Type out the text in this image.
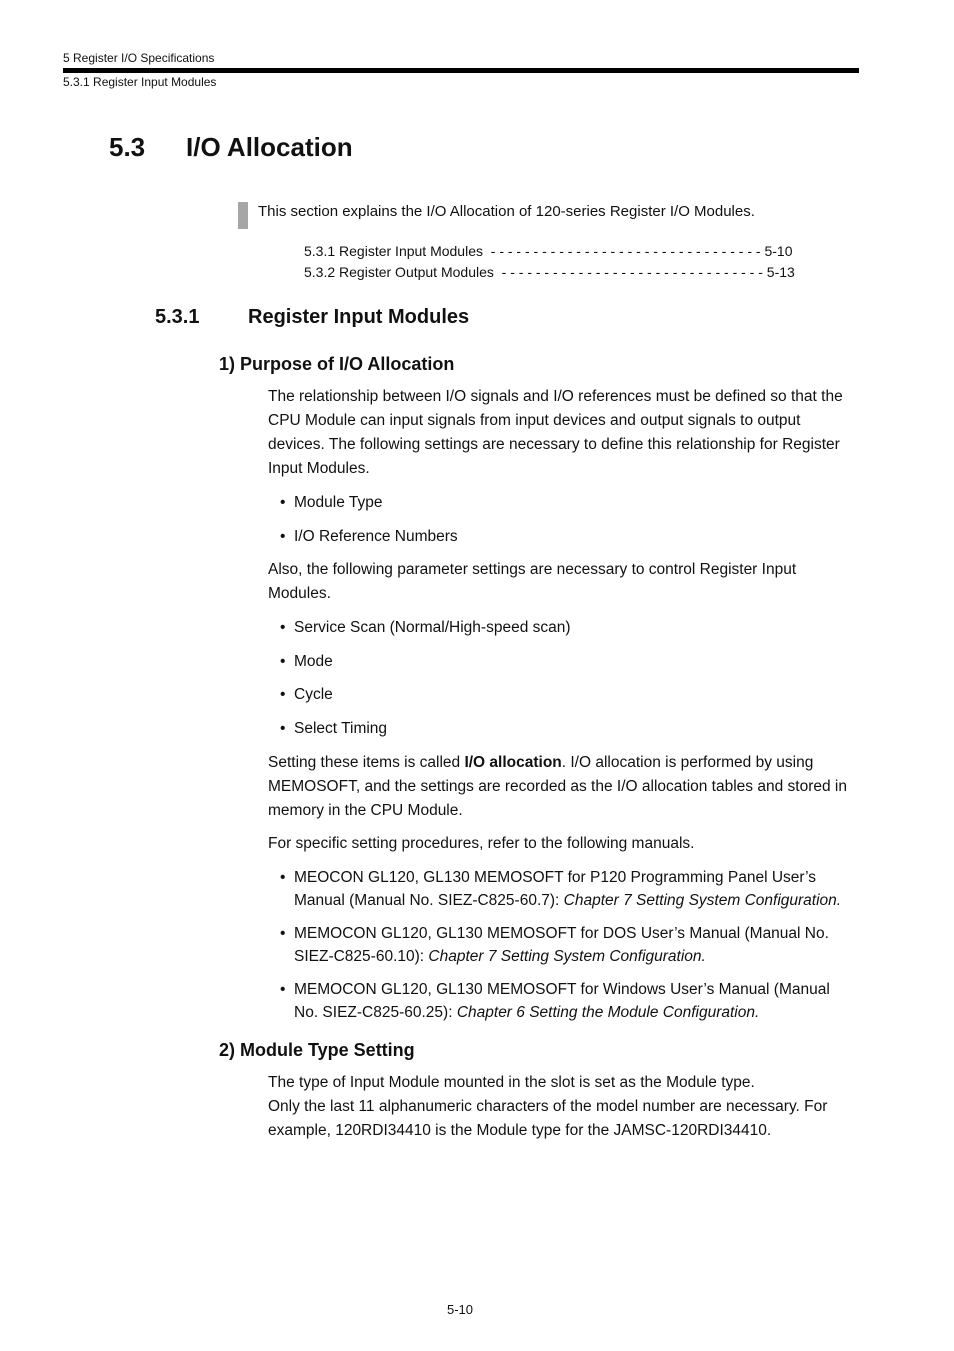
5 Register I/O Specifications
5.3.1 Register Input Modules
5.3 I/O Allocation
This section explains the I/O Allocation of 120-series Register I/O Modules.
5.3.1 Register Input Modules - - - - - - - - - - - - - - - - - - - - - - - - - - - - - - - - 5-10
5.3.2 Register Output Modules - - - - - - - - - - - - - - - - - - - - - - - - - - - - - - - 5-13
5.3.1 Register Input Modules
1) Purpose of I/O Allocation
The relationship between I/O signals and I/O references must be defined so that the CPU Module can input signals from input devices and output signals to output devices. The following settings are necessary to define this relationship for Register Input Modules.
• Module Type
• I/O Reference Numbers
Also, the following parameter settings are necessary to control Register Input Modules.
• Service Scan (Normal/High-speed scan)
• Mode
• Cycle
• Select Timing
Setting these items is called I/O allocation. I/O allocation is performed by using MEMOSOFT, and the settings are recorded as the I/O allocation tables and stored in memory in the CPU Module.
For specific setting procedures, refer to the following manuals.
• MEOCON GL120, GL130 MEMOSOFT for P120 Programming Panel User’s
Manual (Manual No. SIEZ-C825-60.7): Chapter 7 Setting System Configuration.
• MEMOCON GL120, GL130 MEMOSOFT for DOS User’s Manual (Manual No.
SIEZ-C825-60.10): Chapter 7 Setting System Configuration.
• MEMOCON GL120, GL130 MEMOSOFT for Windows User’s Manual (Manual
No. SIEZ-C825-60.25): Chapter 6 Setting the Module Configuration.
2) Module Type Setting
The type of Input Module mounted in the slot is set as the Module type.
Only the last 11 alphanumeric characters of the model number are necessary. For example, 120RDI34410 is the Module type for the JAMSC-120RDI34410.
5-10
